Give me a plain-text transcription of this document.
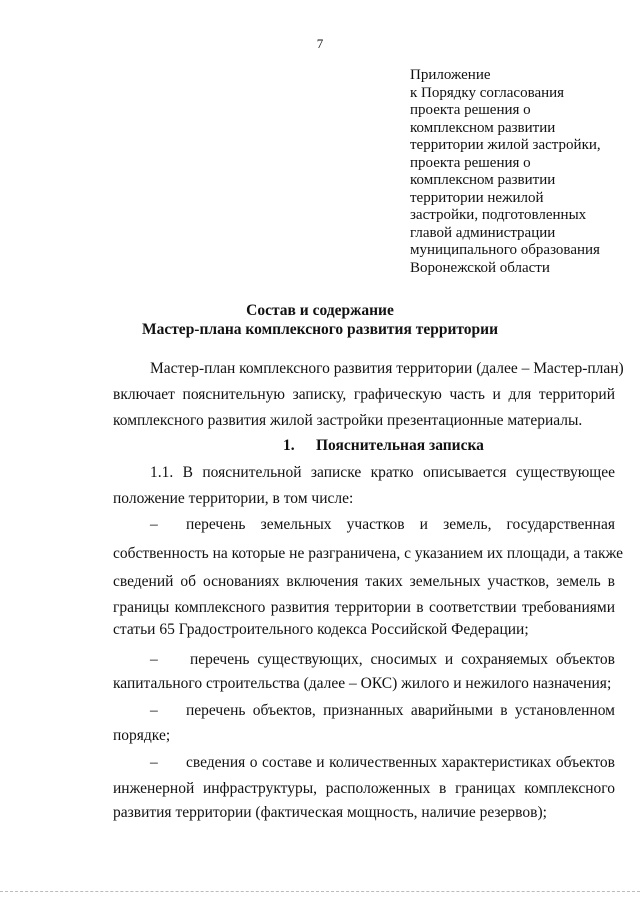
7
Приложение
к Порядку согласования
проекта решения о
комплексном развитии
территории жилой застройки,
проекта решения о
комплексном развитии
территории нежилой
застройки, подготовленных
главой администрации
муниципального образования
Воронежской области
Состав и содержание
Мастер-плана комплексного развития территории
Мастер-план комплексного развития территории (далее – Мастер-план)
включает пояснительную записку, графическую часть и для территорий
комплексного развития жилой застройки презентационные материалы.
1. Пояснительная записка
1.1. В пояснительной записке кратко описывается существующее
положение территории, в том числе:
– перечень земельных участков и земель, государственная
собственность на которые не разграничена, с указанием их площади, а также
сведений об основаниях включения таких земельных участков, земель в
границы комплексного развития территории в соответствии требованиями
статьи 65 Градостроительного кодекса Российской Федерации;
– перечень существующих, сносимых и сохраняемых объектов
капитального строительства (далее – ОКС) жилого и нежилого назначения;
– перечень объектов, признанных аварийными в установленном
порядке;
– сведения о составе и количественных характеристиках объектов
инженерной инфраструктуры, расположенных в границах комплексного
развития территории (фактическая мощность, наличие резервов);
